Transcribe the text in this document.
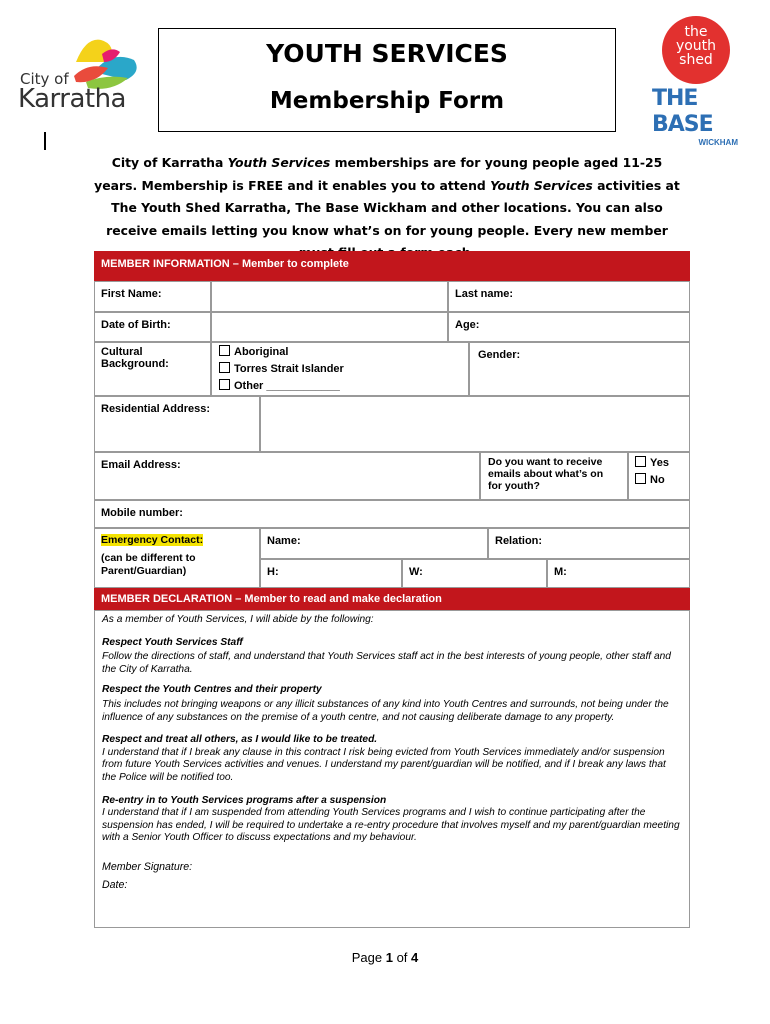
City of
Karratha
YOUTH SERVICES
Membership Form
the
youth
shed
THE BASE
WICKHAM
City of Karratha Youth Services memberships are for young people aged 11-25 years. Membership is FREE and it enables you to attend Youth Services activities at The Youth Shed Karratha, The Base Wickham and other locations. You can also receive emails letting you know what’s on for young people. Every new member
MEMBER INFORMATION – Member to complete
First Name:	Last name:
Date of Birth:	Age:
Cultural Background:
Aboriginal
Torres Strait Islander
Other ____________
Gender:
Residential Address:
Email Address:	Do you want to receive emails about what’s on for youth?
Yes
No
Mobile number:
Emergency Contact:
(can be different to Parent/Guardian)
Name:	Relation:
H:	W:	M:
MEMBER DECLARATION – Member to read and make declaration

As a member of Youth Services, I will abide by the following:

Respect Youth Services Staff

Follow the directions of staff, and understand that Youth Services staff act in the best interests of young people, other staff and the City of Karratha.

Respect the Youth Centres and their property

This includes not bringing weapons or any illicit substances of any kind into Youth Centres and surrounds, not being under the influence of any substances on the premise of a youth centre, and not causing deliberate damage to any property.

Respect and treat all others, as I would like to be treated.

I understand that if I break any clause in this contract I risk being evicted from Youth Services immediately and/or suspension from future Youth Services activities and venues. I understand my parent/guardian will be notified, and if I break any laws that the Police will be notified too.

Re-entry in to Youth Services programs after a suspension

I understand that if I am suspended from attending Youth Services programs and I wish to continue participating after the suspension has ended, I will be required to undertake a re-entry procedure that involves myself and my parent/guardian meeting with a Senior Youth Officer to discuss expectations and my behaviour.

Member Signature:

Date:

Page 1 of 4
